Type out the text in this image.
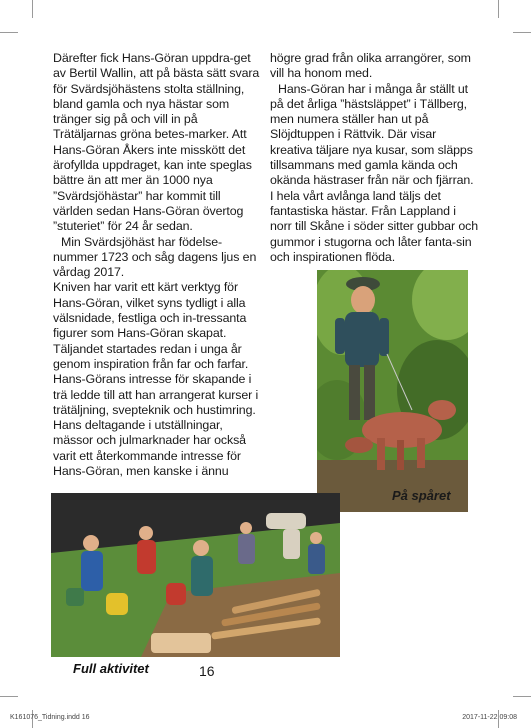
Därefter fick Hans-Göran uppdra-get av Bertil Wallin, att på bästa sätt svara för Svärdsjöhästens stolta ställning, bland gamla och nya hästar som tränger sig på och vill in på Trätäljarnas gröna betes-marker. Att Hans-Göran Åkers inte misskött det ärofyllda uppdraget, kan inte speglas bättre än att mer än 1000 nya ”Svärdsjöhästar” har kommit till världen sedan Hans-Göran övertog ”stuteriet” för 24 år sedan.

Min Svärdsjöhäst har födelse-nummer 1723 och såg dagens ljus en vårdag 2017.

Kniven har varit ett kärt verktyg för Hans-Göran, vilket syns tydligt i alla välsnidade, festliga och in-tressanta figurer som Hans-Göran skapat. Täljandet startades redan i unga år genom inspiration från far och farfar. Hans-Görans intresse för skapande i trä ledde till att han arrangerat kurser i trätäljning, svepteknik och hustimring. Hans deltagande i utställningar, mässor och julmarknader har också varit ett återkommande intresse för Hans-Göran, men kanske i ännu

högre grad från olika arrangörer, som vill ha honom med.

Hans-Göran har i många år ställt ut på det årliga ”hästsläppet” i Tällberg, men numera ställer han ut på Slöjdtuppen i Rättvik. Där visar kreativa täljare nya kusar, som släpps tillsammans med gamla kända och okända hästraser från när och fjärran. I hela vårt avlånga land täljs det fantastiska hästar. Från Lappland i norr till Skåne i söder sitter gubbar och gummor i stugorna och låter fanta-sin och inspirationen flöda.

På spåret
Full aktivitet	16
K161076_Tidning.indd 16	2017-11-22 09:08
